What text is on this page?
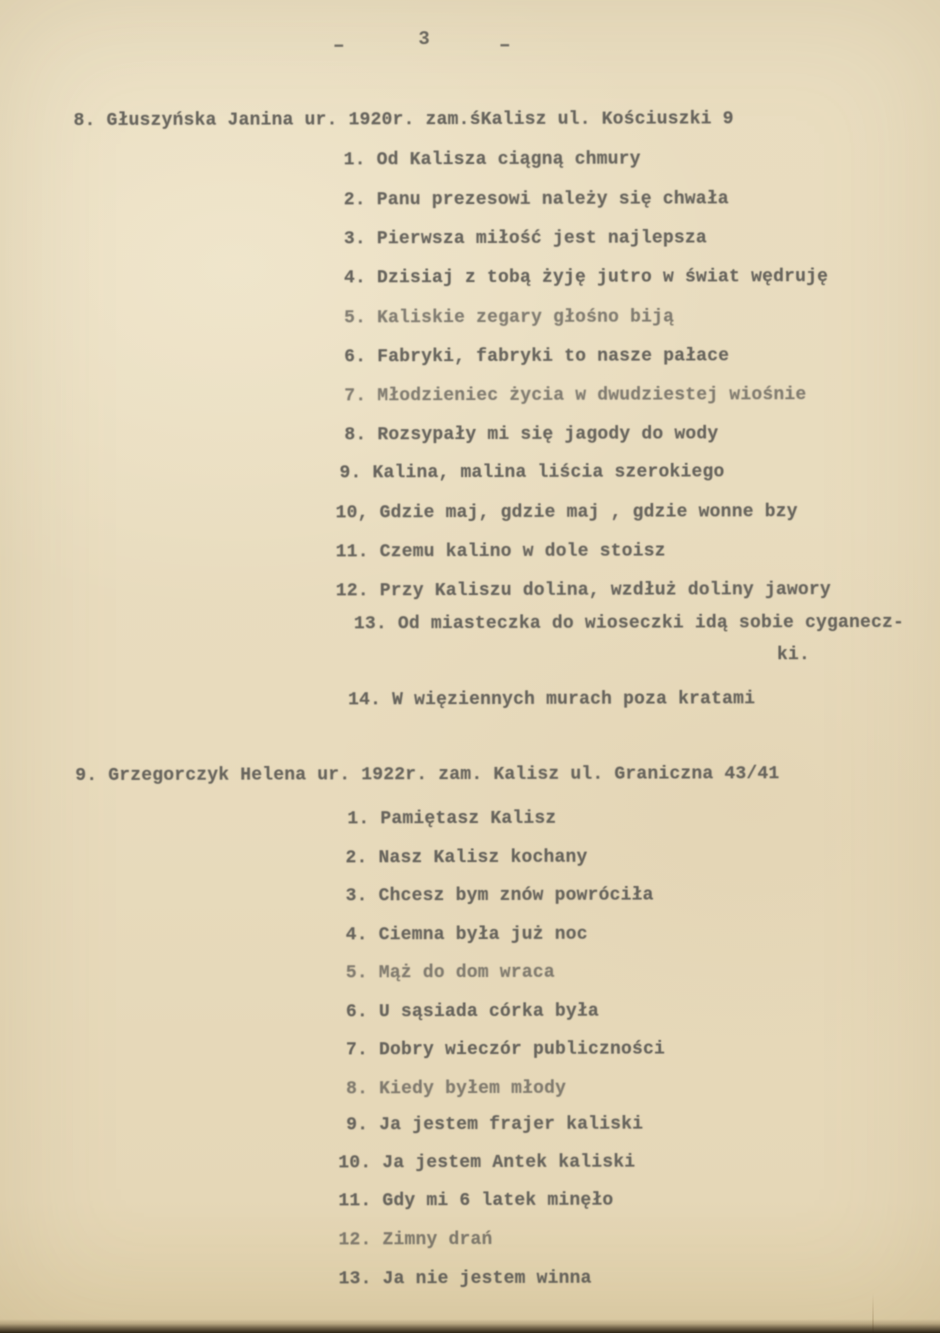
-	3	-
8. Głuszyńska Janina ur. 1920r. zam.śKalisz ul. Kościuszki 9
1. Od Kalisza ciągną chmury
2. Panu prezesowi należy się chwała
3. Pierwsza miłość jest najlepsza
4. Dzisiaj z tobą żyję jutro w świat wędruję
5. Kaliskie zegary głośno biją
6. Fabryki, fabryki to nasze pałace
7. Młodzieniec życia w dwudziestej wiośnie
8. Rozsypały mi się jagody do wody
9. Kalina, malina liścia szerokiego
10, Gdzie maj, gdzie maj , gdzie wonne bzy
11. Czemu kalino w dole stoisz
12. Przy Kaliszu dolina, wzdłuż doliny jawory
13. Od miasteczka do wioseczki idą sobie cyganecz-
ki.
14. W więziennych murach poza kratami
9. Grzegorczyk Helena ur. 1922r. zam. Kalisz ul. Graniczna 43/41
1. Pamiętasz Kalisz
2. Nasz Kalisz kochany
3. Chcesz bym znów powróciła
4. Ciemna była już noc
5. Mąż do dom wraca
6. U sąsiada córka była
7. Dobry wieczór publiczności
8. Kiedy byłem młody
9. Ja jestem frajer kaliski
10. Ja jestem Antek kaliski
11. Gdy mi 6 latek minęło
12. Zimny drań
13. Ja nie jestem winna
